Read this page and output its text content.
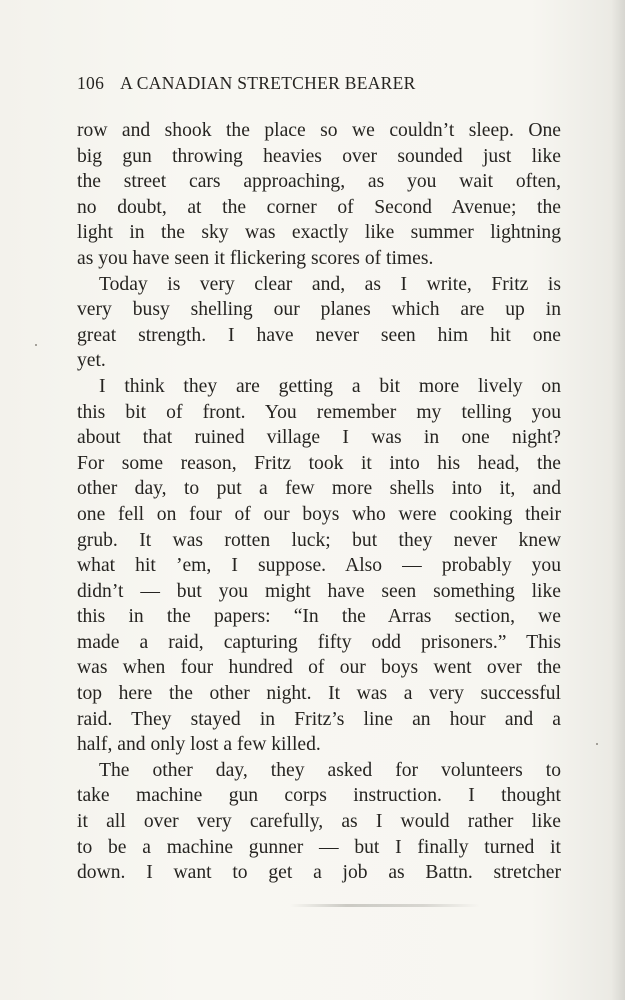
106 A CANADIAN STRETCHER BEARER
row and shook the place so we couldn’t sleep. One
big gun throwing heavies over sounded just like
the street cars approaching, as you wait often,
no doubt, at the corner of Second Avenue; the
light in the sky was exactly like summer lightning
as you have seen it flickering scores of times.
Today is very clear and, as I write, Fritz is
very busy shelling our planes which are up in
great strength. I have never seen him hit one
yet.
I think they are getting a bit more lively on
this bit of front. You remember my telling you
about that ruined village I was in one night?
For some reason, Fritz took it into his head, the
other day, to put a few more shells into it, and
one fell on four of our boys who were cooking their
grub. It was rotten luck; but they never knew
what hit ’em, I suppose. Also — probably you
didn’t — but you might have seen something like
this in the papers: “In the Arras section, we
made a raid, capturing fifty odd prisoners.” This
was when four hundred of our boys went over the
top here the other night. It was a very successful
raid. They stayed in Fritz’s line an hour and a
half, and only lost a few killed.
The other day, they asked for volunteers to
take machine gun corps instruction. I thought
it all over very carefully, as I would rather like
to be a machine gunner — but I finally turned it
down. I want to get a job as Battn. stretcher
